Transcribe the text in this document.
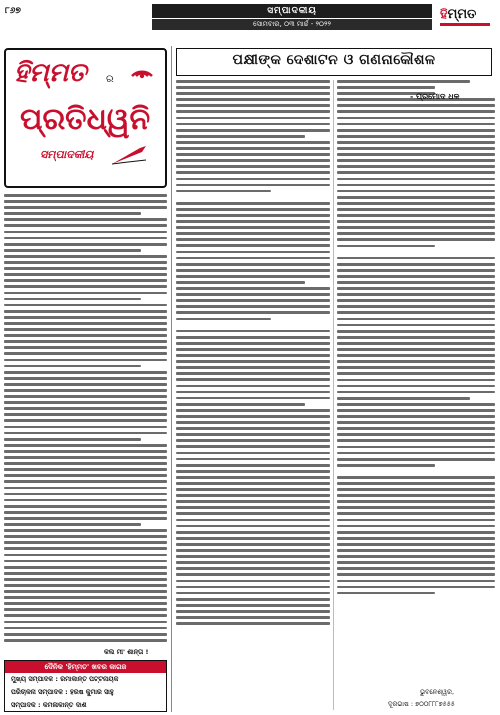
୮୬୭	ସମ୍ପାଦକୀୟ
ସୋମବାର, ୦୩ ମାର୍ଚ୍ଚ - ୨୦୨୨
ହିମ୍ମତ
ହିମ୍ମତ ର
ପ୍ରତିଧ୍ୱନି
ସମ୍ପାଦକୀୟ
କଲ ମୀ' ଶାନ୍ତା !
ଦୈନିକ 'ହିମ୍ମତ' ଖବର କାଗଜ
ମୁଖ୍ୟ ସମ୍ପାଦକ : ରମାକାନ୍ତ ପଟ୍ଟନାୟକ
ପରିଚାଳନା ସମ୍ପାଦକ : ହରଷ କୁମାର ସାହୁ
ସମ୍ପାଦକ : କମଳାକାନ୍ତ ଦାଶ
ପକ୍ଷୀଙ୍କ ଦେଶାଟନ ଓ ଗଣନାକୌଶଳ
- ପ୍ରମୋଦ ଧଳ
ଭୁବନେଶ୍ୱର,
ଦୂରଭାଷ : ୭୦୦୮୮୮୭୫୫୫
